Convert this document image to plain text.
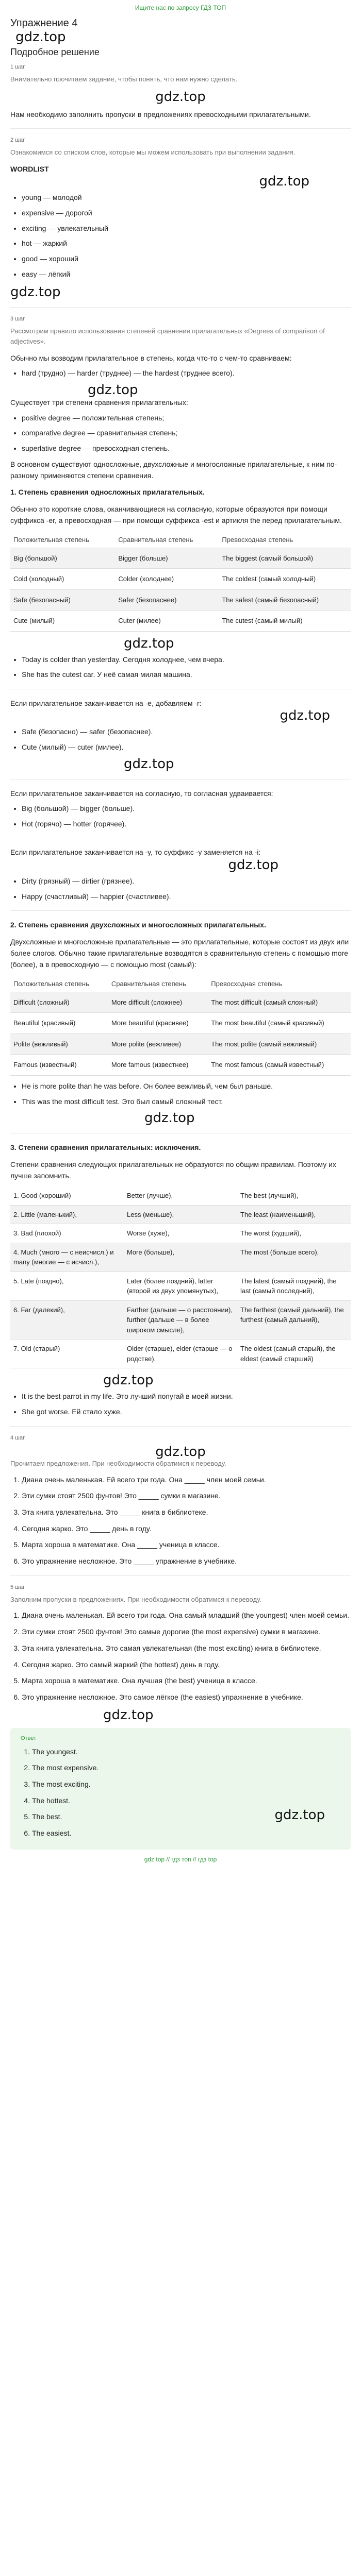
Ищите нас по запросу ГДЗ ТОП
Упражнение 4
gdz.top
Подробное решение
1 шаг

Внимательно прочитаем задание, чтобы понять, что нам нужно сделать.

gdz.top

Нам необходимо заполнить пропуски в предложениях превосходными прилагательными.

2 шаг

Ознакомимся со списком слов, которые мы можем использовать при выполнении задания.

WORDLIST

gdz.top
• young — молодой
• expensive — дорогой
• exciting — увлекательный
• hot — жаркий
• good — хороший
• easy — лёгкий
gdz.top
3 шаг

Рассмотрим правило использования степеней сравнения прилагательных «Degrees of comparison of adjectives».

Обычно мы возводим прилагательное в степень, когда что-то с чем-то сравниваем:

• hard (трудно) — harder (труднее) — the hardest (труднее всего).
gdz.top

Существует три степени сравнения прилагательных:

• positive degree — положительная степень;
• comparative degree — сравнительная степень;
• superlative degree — превосходная степень.

В основном существуют односложные, двухсложные и многосложные прилагательные, к ним по-разному применяются степени сравнения.

1. Степень сравнения односложных прилагательных.

Обычно это короткие слова, оканчивающиеся на согласную, которые образуются при помощи суффикса -er, а превосходная — при помощи суффикса -est и артикля the перед прилагательным.

Положительная степень	Сравнительная степень	Превосходная степень
Big (большой)	Bigger (больше)	The biggest (самый большой)
Cold (холодный)	Colder (холоднее)	The coldest (самый холодный)
Safe (безопасный)	Safer (безопаснее)	The safest (самый безопасный)
Cute (милый)	Cuter (милее)	The cutest (самый милый)
gdz.top
• Today is colder than yesterday. Сегодня холоднее, чем вчера.
• She has the cutest car. У неё самая милая машина.

Если прилагательное заканчивается на -e, добавляем -r:

gdz.top
• Safe (безопасно) — safer (безопаснее).
• Cute (милый) — cuter (милее).
gdz.top

Если прилагательное заканчивается на согласную, то согласная удваивается:

• Big (большой) — bigger (больше).
• Hot (горячо) — hotter (горячее).

Если прилагательное заканчивается на -y, то суффикс -y заменяется на -i:

gdz.top
• Dirty (грязный) — dirtier (грязнее).
• Happy (счастливый) — happier (счастливее).

2. Степень сравнения двухсложных и многосложных прилагательных.

Двухсложные и многосложные прилагательные — это прилагательные, которые состоят из двух или более слогов. Обычно такие прилагательные возводятся в сравнительную степень с помощью more (более), а в превосходную — с помощью most (самый):

Положительная степень	Сравнительная степень	Превосходная степень
Difficult (сложный)	More difficult (сложнее)	The most difficult (самый сложный)
Beautiful (красивый)	More beautiful (красивее)	The most beautiful (самый красивый)
Polite (вежливый)	More polite (вежливее)	The most polite (самый вежливый)
Famous (известный)	More famous (известнее)	The most famous (самый известный)
• He is more polite than he was before. Он более вежливый, чем был раньше.
• This was the most difficult test. Это был самый сложный тест.
gdz.top

3. Степени сравнения прилагательных: исключения.

Степени сравнения следующих прилагательных не образуются по общим правилам. Поэтому их лучше запомнить.

1. Good (хороший)	Better (лучше),	The best (лучший),
2. Little (маленький),	Less (меньше),	The least (наименьший),
3. Bad (плохой)	Worse (хуже),	The worst (худший),
4. Much (много — с неисчисл.) и many (многие — с исчисл.),	More (больше),	The most (больше всего),
5. Late (поздно),	Later (более поздний), latter (второй из двух упомянутых),	The latest (самый поздний), the last (самый последний),
6. Far (далекий),	Farther (дальше — о расстоянии), further (дальше — в более широком смысле),	The farthest (самый дальний), the furthest (самый дальний),
7. Old (старый)	Older (старше), elder (старше — о родстве),	The oldest (самый старый), the eldest (самый старший)
gdz.top
• It is the best parrot in my life. Это лучший попугай в моей жизни.
• She got worse. Ей стало хуже.
4 шаг
gdz.top

Прочитаем предложения. При необходимости обратимся к переводу.

1. Диана очень маленькая. Ей всего три года. Она _____ член моей семьи.
2. Эти сумки стоят 2500 фунтов! Это _____ сумки в магазине.
3. Эта книга увлекательна. Это _____ книга в библиотеке.
4. Сегодня жарко. Это _____ день в году.
5. Марта хороша в математике. Она _____ ученица в классе.
6. Это упражнение несложное. Это _____ упражнение в учебнике.
5 шаг

Заполним пропуски в предложениях. При необходимости обратимся к переводу.

1. Диана очень маленькая. Ей всего три года. Она самый младший (the youngest) член моей семьи.
2. Эти сумки стоят 2500 фунтов! Это самые дорогие (the most expensive) сумки в магазине.
3. Эта книга увлекательна. Это самая увлекательная (the most exciting) книга в библиотеке.
4. Сегодня жарко. Это самый жаркий (the hottest) день в году.
5. Марта хороша в математике. Она лучшая (the best) ученица в классе.
6. Это упражнение несложное. Это самое лёгкое (the easiest) упражнение в учебнике.
gdz.top
Ответ
1. The youngest.
2. The most expensive.
3. The most exciting.
4. The hottest.
5. The best.
6. The easiest.
gdz.top
gdz top // гдз топ // гдз top
